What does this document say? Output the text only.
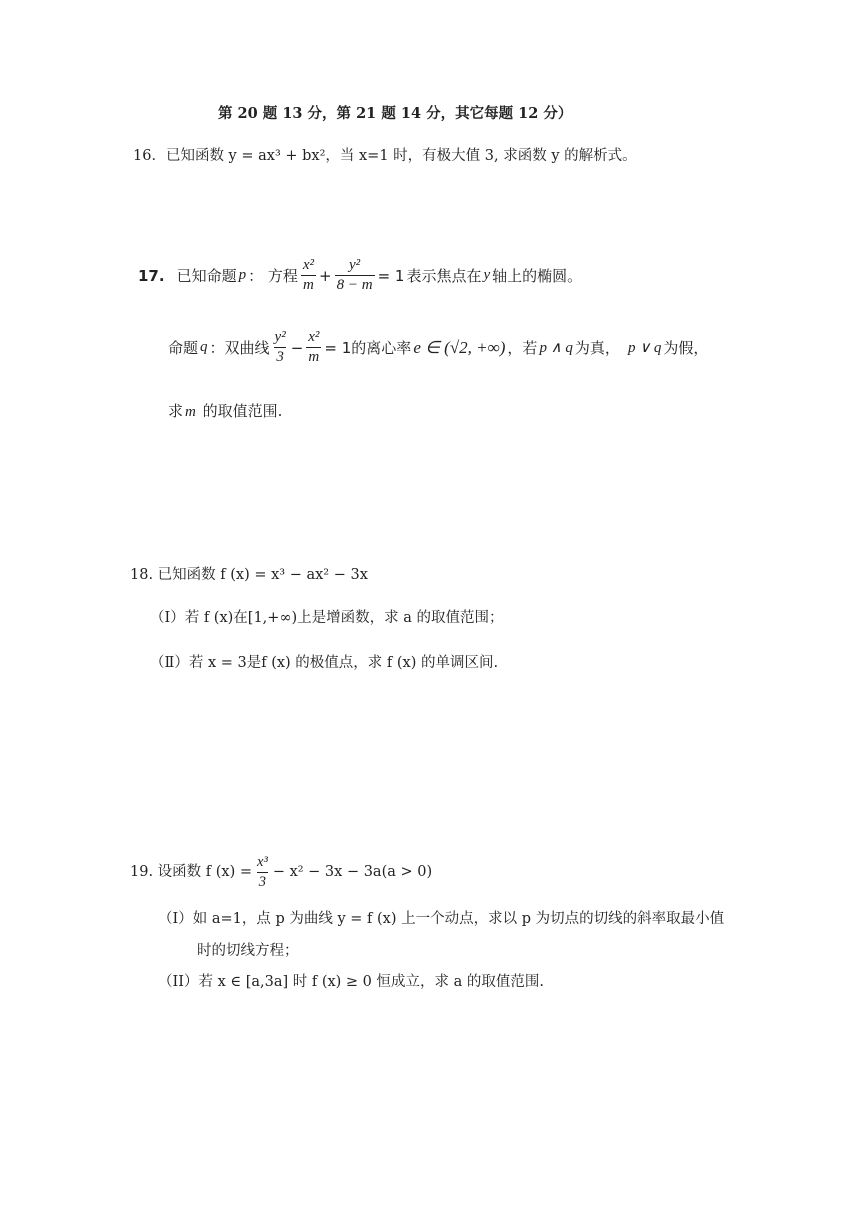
第 20 题 13 分，第 21 题 14 分，其它每题 12 分）
16．已知函数 y = ax³ + bx²，当 x=1 时，有极大值 3, 求函数 y 的解析式。
17. 已知命题 p ： 方程 $\frac{\text{x²}}{m} + \frac{\text{y²}}{8 - m} = 1$ 表示焦点在 y 轴上的椭圆。
命题 q ：双曲线 $\frac{\text{y²}}{3} - \frac{\text{x²}}{m} = 1$的离心率 e ∈ (√2, +∞) ，若 p ∧ q 为真， p ∨ q 为假，
求 m 的取值范围.
18. 已知函数 f (x) = x³ − ax² − 3x
（Ⅰ）若 f (x)在[1,+∞)上是增函数，求 a 的取值范围；
（Ⅱ）若 x = 3是f (x) 的极值点，求 f (x) 的单调区间.
19. 设函数 f $(x) = \frac{\text{x³}}{3} - x^2 - 3x - 3a(a > 0)$
（Ⅰ）如 a=1，点 p 为曲线 y = f (x) 上一个动点，求以 p 为切点的切线的斜率取最小值
时的切线方程；
（II）若 x ∈ [a,3a] 时 f (x) ≥ 0 恒成立，求 a 的取值范围.
